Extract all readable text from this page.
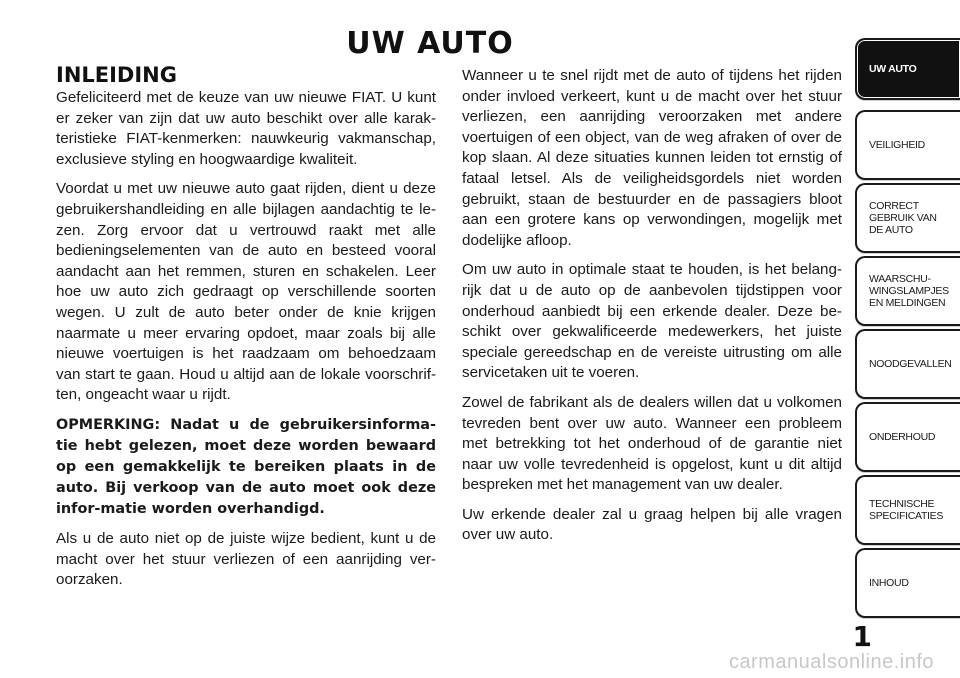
UW AUTO
INLEIDING

Gefeliciteerd met de keuze van uw nieuwe FIAT. U kunt er zeker van zijn dat uw auto beschikt over alle karak-teristieke FIAT-kenmerken: nauwkeurig vakmanschap, exclusieve styling en hoogwaardige kwaliteit.

Voordat u met uw nieuwe auto gaat rijden, dient u deze gebruikershandleiding en alle bijlagen aandachtig te le-zen. Zorg ervoor dat u vertrouwd raakt met alle bedieningselementen van de auto en besteed vooral aandacht aan het remmen, sturen en schakelen. Leer hoe uw auto zich gedraagt op verschillende soorten wegen. U zult de auto beter onder de knie krijgen naarmate u meer ervaring opdoet, maar zoals bij alle nieuwe voertuigen is het raadzaam om behoedzaam van start te gaan. Houd u altijd aan de lokale voorschrif-ten, ongeacht waar u rijdt.

OPMERKING: Nadat u de gebruikersinforma-tie hebt gelezen, moet deze worden bewaard op een gemakkelijk te bereiken plaats in de auto. Bij verkoop van de auto moet ook deze infor-matie worden overhandigd.

Als u de auto niet op de juiste wijze bedient, kunt u de macht over het stuur verliezen of een aanrijding ver-oorzaken.

Wanneer u te snel rijdt met de auto of tijdens het rijden onder invloed verkeert, kunt u de macht over het stuur verliezen, een aanrijding veroorzaken met andere voertuigen of een object, van de weg afraken of over de kop slaan. Al deze situaties kunnen leiden tot ernstig of fataal letsel. Als de veiligheidsgordels niet worden gebruikt, staan de bestuurder en de passagiers bloot aan een grotere kans op verwondingen, mogelijk met dodelijke afloop.

Om uw auto in optimale staat te houden, is het belang-rijk dat u de auto op de aanbevolen tijdstippen voor onderhoud aanbiedt bij een erkende dealer. Deze be-schikt over gekwalificeerde medewerkers, het juiste speciale gereedschap en de vereiste uitrusting om alle servicetaken uit te voeren.

Zowel de fabrikant als de dealers willen dat u volkomen tevreden bent over uw auto. Wanneer een probleem met betrekking tot het onderhoud of de garantie niet naar uw volle tevredenheid is opgelost, kunt u dit altijd bespreken met het management van uw dealer.

Uw erkende dealer zal u graag helpen bij alle vragen over uw auto.

UW AUTO
VEILIGHEID
CORRECT
GEBRUIK VAN
DE AUTO
WAARSCHU-
WINGSLAMPJES
EN MELDINGEN
NOODGEVALLEN
ONDERHOUD
TECHNISCHE
SPECIFICATIES
INHOUD
1
carmanualsonline.info
